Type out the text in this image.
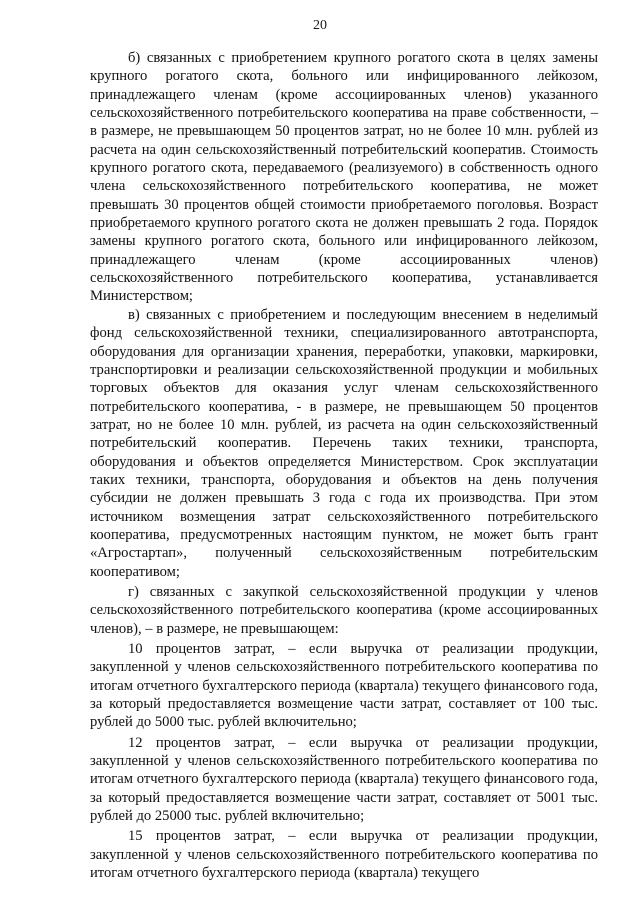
20

б) связанных с приобретением крупного рогатого скота в целях замены крупного рогатого скота, больного или инфицированного лейкозом, принадлежащего членам (кроме ассоциированных членов) указанного сельскохозяйственного потребительского кооператива на праве собственности, – в размере, не превышающем 50 процентов затрат, но не более 10 млн. рублей из расчета на один сельскохозяйственный потребительский кооператив. Стоимость крупного рогатого скота, передаваемого (реализуемого) в собственность одного члена сельскохозяйственного потребительского кооператива, не может превышать 30 процентов общей стоимости приобретаемого поголовья. Возраст приобретаемого крупного рогатого скота не должен превышать 2 года. Порядок замены крупного рогатого скота, больного или инфицированного лейкозом, принадлежащего членам (кроме ассоциированных членов) сельскохозяйственного потребительского кооператива, устанавливается Министерством;

в) связанных с приобретением и последующим внесением в неделимый фонд сельскохозяйственной техники, специализированного автотранспорта, оборудования для организации хранения, переработки, упаковки, маркировки, транспортировки и реализации сельскохозяйственной продукции и мобильных торговых объектов для оказания услуг членам сельскохозяйственного потребительского кооператива, - в размере, не превышающем 50 процентов затрат, но не более 10 млн. рублей, из расчета на один сельскохозяйственный потребительский кооператив. Перечень таких техники, транспорта, оборудования и объектов определяется Министерством. Срок эксплуатации таких техники, транспорта, оборудования и объектов на день получения субсидии не должен превышать 3 года с года их производства. При этом источником возмещения затрат сельскохозяйственного потребительского кооператива, предусмотренных настоящим пунктом, не может быть грант «Агростартап», полученный сельскохозяйственным потребительским кооперативом;

г) связанных с закупкой сельскохозяйственной продукции у членов сельскохозяйственного потребительского кооператива (кроме ассоциированных членов), – в размере, не превышающем:

10 процентов затрат, – если выручка от реализации продукции, закупленной у членов сельскохозяйственного потребительского кооператива по итогам отчетного бухгалтерского периода (квартала) текущего финансового года, за который предоставляется возмещение части затрат, составляет от 100 тыс. рублей до 5000 тыс. рублей включительно;

12 процентов затрат, – если выручка от реализации продукции, закупленной у членов сельскохозяйственного потребительского кооператива по итогам отчетного бухгалтерского периода (квартала) текущего финансового года, за который предоставляется возмещение части затрат, составляет от 5001 тыс. рублей до 25000 тыс. рублей включительно;

15 процентов затрат, – если выручка от реализации продукции, закупленной у членов сельскохозяйственного потребительского кооператива по итогам отчетного бухгалтерского периода (квартала) текущего
